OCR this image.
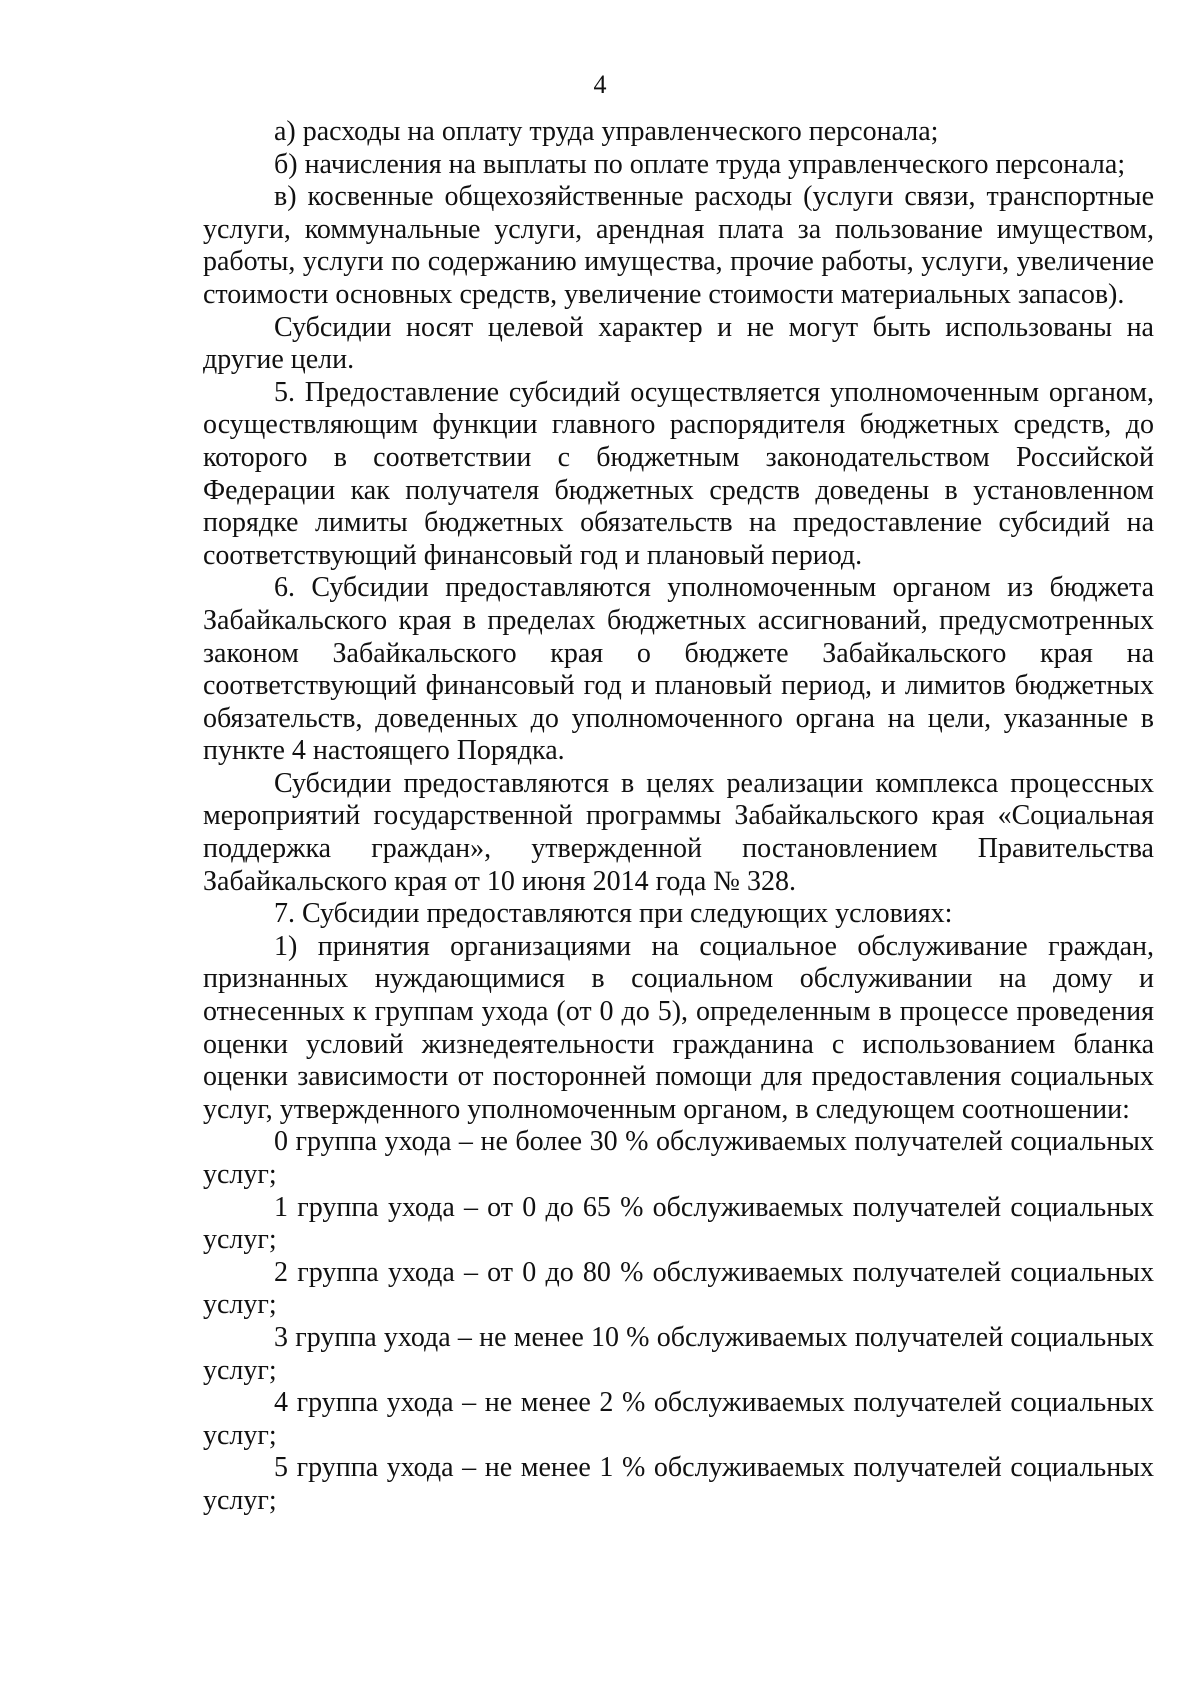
4

а) расходы на оплату труда управленческого персонала;

б) начисления на выплаты по оплате труда управленческого персонала;

в) косвенные общехозяйственные расходы (услуги связи, транспортные услуги, коммунальные услуги, арендная плата за пользование имуществом, работы, услуги по содержанию имущества, прочие работы, услуги, увеличение стоимости основных средств, увеличение стоимости материальных запасов).

Субсидии носят целевой характер и не могут быть использованы на другие цели.

5. Предоставление субсидий осуществляется уполномоченным органом, осуществляющим функции главного распорядителя бюджетных средств, до которого в соответствии с бюджетным законодательством Российской Федерации как получателя бюджетных средств доведены в установленном порядке лимиты бюджетных обязательств на предоставление субсидий на соответствующий финансовый год и плановый период.

6. Субсидии предоставляются уполномоченным органом из бюджета Забайкальского края в пределах бюджетных ассигнований, предусмотренных законом Забайкальского края о бюджете Забайкальского края на соответствующий финансовый год и плановый период, и лимитов бюджетных обязательств, доведенных до уполномоченного органа на цели, указанные в пункте 4 настоящего Порядка.

Субсидии предоставляются в целях реализации комплекса процессных мероприятий государственной программы Забайкальского края «Социальная поддержка граждан», утвержденной постановлением Правительства Забайкальского края от 10 июня 2014 года № 328.

7. Субсидии предоставляются при следующих условиях:

1) принятия организациями на социальное обслуживание граждан, признанных нуждающимися в социальном обслуживании на дому и отнесенных к группам ухода (от 0 до 5), определенным в процессе проведения оценки условий жизнедеятельности гражданина с использованием бланка оценки зависимости от посторонней помощи для предоставления социальных услуг, утвержденного уполномоченным органом, в следующем соотношении:

0 группа ухода – не более 30 % обслуживаемых получателей социальных услуг;

1 группа ухода – от 0 до 65 % обслуживаемых получателей социальных услуг;

2 группа ухода – от 0 до 80 % обслуживаемых получателей социальных услуг;

3 группа ухода – не менее 10 % обслуживаемых получателей социальных услуг;

4 группа ухода – не менее 2 % обслуживаемых получателей социальных услуг;

5 группа ухода – не менее 1 % обслуживаемых получателей социальных услуг;
